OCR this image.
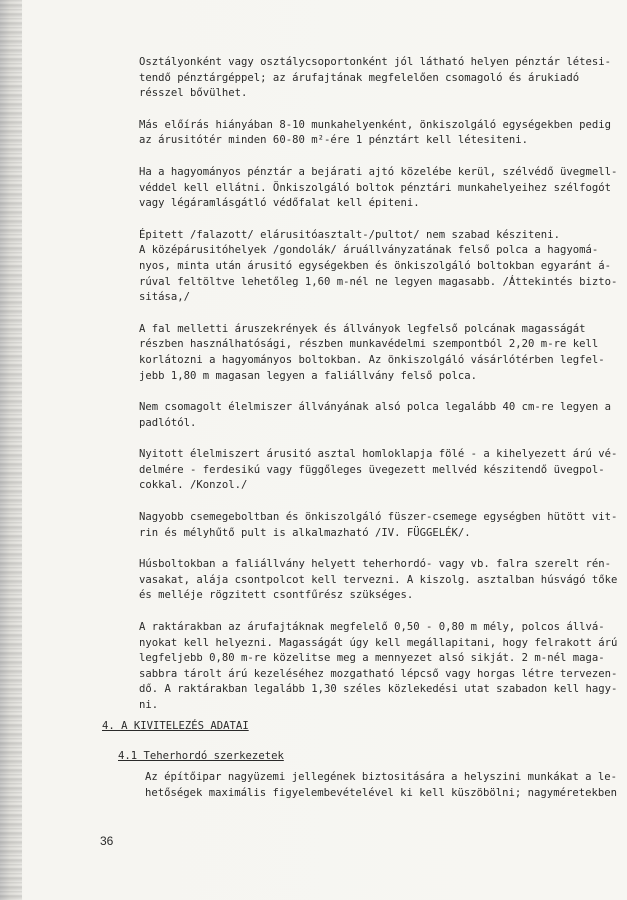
Osztályonként vagy osztálycsoportonként jól látható helyen pénztár létesi-
tendő pénztárgéppel; az árufajtának megfelelően csomagoló és árukiadó
résszel bővülhet.
Más előírás hiányában 8-10 munkahelyenként, önkiszolgáló egységekben pedig
az árusitótér minden 60-80 m²-ére 1 pénztárt kell létesiteni.
Ha a hagyományos pénztár a bejárati ajtó közelébe kerül, szélvédő üvegmell-
véddel kell ellátni. Önkiszolgáló boltok pénztári munkahelyeihez szélfogót
vagy légáramlásgátló védőfalat kell épiteni.
Épitett /falazott/ elárusitóasztalt-/pultot/ nem szabad késziteni.
A középárusitóhelyek /gondolák/ áruállványzatának felső polca a hagyomá-
nyos, minta után árusitó egységekben és önkiszolgáló boltokban egyaránt á-
rúval feltöltve lehetőleg 1,60 m-nél ne legyen magasabb. /Áttekintés bizto-
sitása,/
A fal melletti áruszekrények és állványok legfelső polcának magasságát
részben használhatósági, részben munkavédelmi szempontból 2,20 m-re kell
korlátozni a hagyományos boltokban. Az önkiszolgáló vásárlótérben legfel-
jebb 1,80 m magasan legyen a faliállvány felső polca.
Nem csomagolt élelmiszer állványának alsó polca legalább 40 cm-re legyen a
padlótól.
Nyitott élelmiszert árusitó asztal homloklapja fölé - a kihelyezett árú vé-
delmére - ferdesikú vagy függőleges üvegezett mellvéd készitendő üvegpol-
cokkal. /Konzol./
Nagyobb csemegeboltban és önkiszolgáló füszer-csemege egységben hütött vit-
rin és mélyhűtő pult is alkalmazható /IV. FÜGGELÉK/.
Húsboltokban a faliállvány helyett teherhordó- vagy vb. falra szerelt rén-
vasakat, alája csontpolcot kell tervezni. A kiszolg. asztalban húsvágó tőke
és melléje rögzitett csontfűrész szükséges.
A raktárakban az árufajtáknak megfelelő 0,50 - 0,80 m mély, polcos állvá-
nyokat kell helyezni. Magasságát úgy kell megállapitani, hogy felrakott árú
legfeljebb 0,80 m-re közelitse meg a mennyezet alsó sikját. 2 m-nél maga-
sabbra tárolt árú kezeléséhez mozgatható lépcső vagy horgas létre tervezen-
dő. A raktárakban legalább 1,30 széles közlekedési utat szabadon kell hagy-
ni.
4. A KIVITELEZÉS ADATAI
4.1 Teherhordó szerkezetek
Az építőipar nagyüzemi jellegének biztositására a helyszini munkákat a le-
hetőségek maximális figyelembevételével ki kell küszöbölni; nagyméretekben
36
